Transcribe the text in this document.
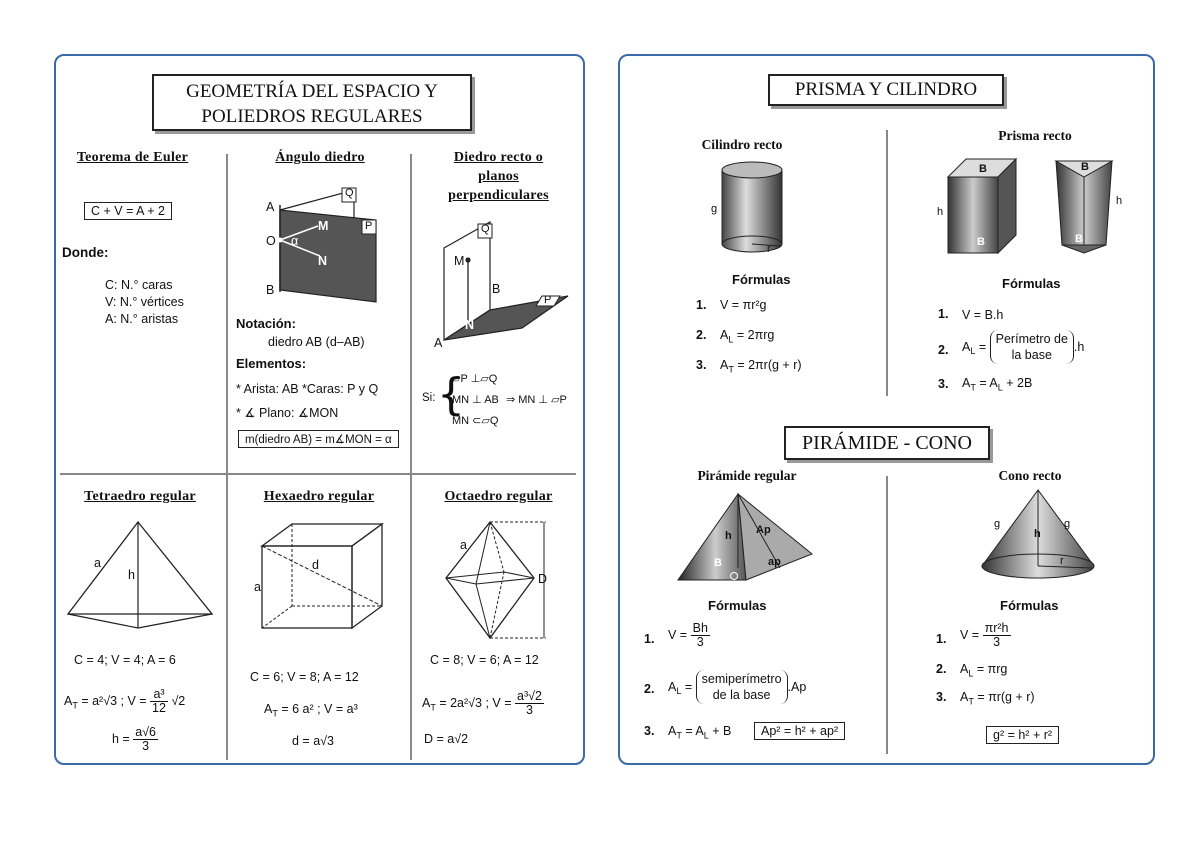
GEOMETRÍA DEL ESPACIO Y
POLIEDROS REGULARES
Teorema de Euler
C + V = A + 2
Donde:
C: N.° caras
V: N.° vértices
A: N.° aristas
Ángulo diedro
A
B
O
M
N
α
Q
P
Notación:
diedro AB (d–AB)
Elementos:
* Arista: AB *Caras: P y Q
* ∡ Plano: ∡MON
m(diedro AB) = m∡MON = α
Diedro recto o
planos
perpendiculares
Q
M
B
P
N
A
Si: {
▱P ⊥▱Q
MN ⊥ AB
MN ⊂▱Q
⇒ MN ⊥ ▱P
Tetraedro regular
a
h
C = 4; V = 4; A = 6
$A_T = a^2√3$ ; $V = \frac{\text{a³}}{12} √2$
$h = \frac{a√6}{3}$
Hexaedro regular
a
d
C = 6; V = 8; A = 12
$A_T = 6$ a² ; V = a³
d = a√3
Octaedro regular
a
D
C = 8; V = 6; A = 12
$A_T = 2a^2√3$ ; $V = \frac{\text{a³√2}}{3}$
D = a√2
PRISMA Y CILINDRO
Cilindro recto
g
r
Fórmulas
1. V = πr²g
2. $A_L = 2\pi rg$
3. $A_T = 2\pi r(g + r)$
Prisma recto
B
B
h
B
B
h
Fórmulas
1. V = B.h
2. $A_L$ =
Perímetro de
la base
.h
3. $A_T = A_L + 2B$
PIRÁMIDE - CONO
Pirámide regular
h Ap
B	ap
Fórmulas
1. $V = \frac{Bh}{3}$
2. $A_L$ =
semiperímetro
de la base
.Ap
3. $A_T = A_L + B$	Ap² = h² + ap²
Cono recto
g	g
h
r
Fórmulas
1. $V = \frac{\text{πr²h}}{3}$
2. $A_L = \pi rg$
3. $A_T = \pi r(g + r)$
g² = h² + r²
